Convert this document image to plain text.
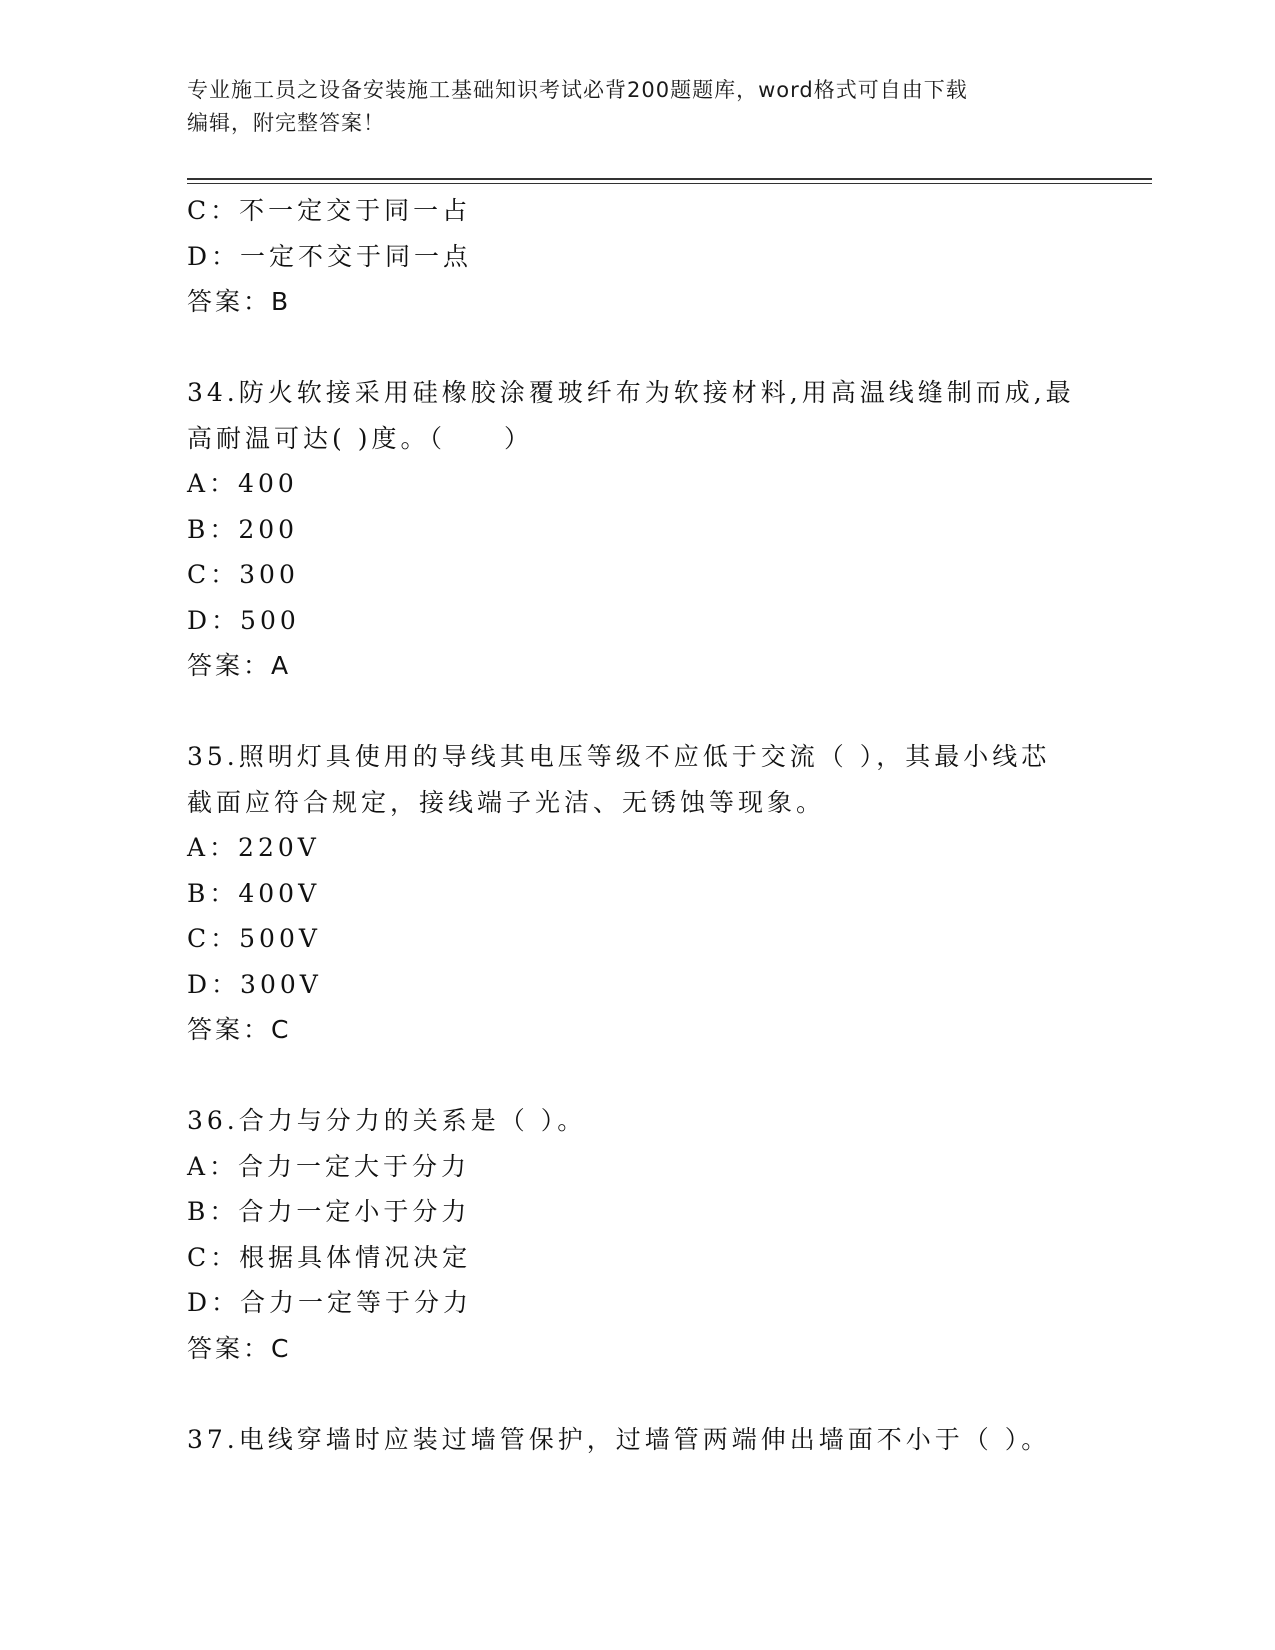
专业施工员之设备安装施工基础知识考试必背200题题库，word格式可自由下载
编辑，附完整答案！
C：不一定交于同一占
D：一定不交于同一点
答案：B
34.防火软接采用硅橡胶涂覆玻纤布为软接材料,用高温线缝制而成,最
高耐温可达( )度。（　　）
A：400
B：200
C：300
D：500
答案：A
35.照明灯具使用的导线其电压等级不应低于交流（ ），其最小线芯
截面应符合规定，接线端子光洁、无锈蚀等现象。
A：220V
B：400V
C：500V
D：300V
答案：C
36.合力与分力的关系是（ ）。
A：合力一定大于分力
B：合力一定小于分力
C：根据具体情况决定
D：合力一定等于分力
答案：C
37.电线穿墙时应装过墙管保护，过墙管两端伸出墙面不小于（ ）。
